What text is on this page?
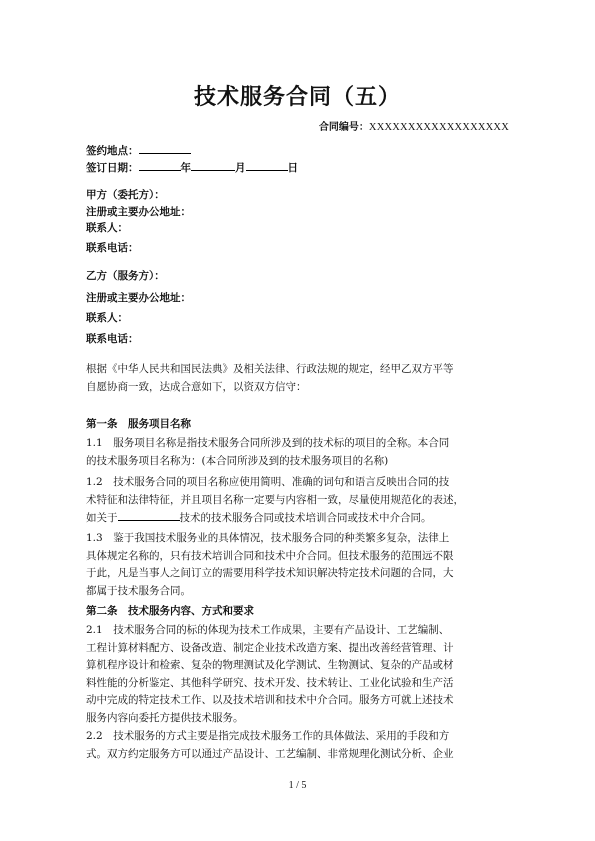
技术服务合同（五）
合同编号：XXXXXXXXXXXXXXXXXX
签约地点：
签订日期：	年	月	日
甲方（委托方）：
注册或主要办公地址：
联系人：
联系电话：
乙方（服务方）：
注册或主要办公地址：
联系人：
联系电话：
根据《中华人民共和国民法典》及相关法律、行政法规的规定，经甲乙双方平等
自愿协商一致，达成合意如下，以资双方信守：
第一条　服务项目名称
1.1　服务项目名称是指技术服务合同所涉及到的技术标的项目的全称。本合同
的技术服务项目名称为：(本合同所涉及到的技术服务项目的名称)
1.2　技术服务合同的项目名称应使用简明、准确的词句和语言反映出合同的技
术特征和法律特征，并且项目名称一定要与内容相一致，尽量使用规范化的表述，
如关于	技术的技术服务合同或技术培训合同或技术中介合同。
1.3　鉴于我国技术服务业的具体情况，技术服务合同的种类繁多复杂，法律上
具体规定名称的，只有技术培训合同和技术中介合同。但技术服务的范围远不限
于此，凡是当事人之间订立的需要用科学技术知识解决特定技术问题的合同，大
都属于技术服务合同。
第二条　技术服务内容、方式和要求
2.1　技术服务合同的标的体现为技术工作成果，主要有产品设计、工艺编制、
工程计算材料配方、设备改造、制定企业技术改造方案、提出改善经营管理、计
算机程序设计和检索、复杂的物理测试及化学测试、生物测试、复杂的产品或材
料性能的分析鉴定、其他科学研究、技术开发、技术转让、工业化试验和生产活
动中完成的特定技术工作、以及技术培训和技术中介合同。服务方可就上述技术
服务内容向委托方提供技术服务。
2.2　技术服务的方式主要是指完成技术服务工作的具体做法、采用的手段和方
式。双方约定服务方可以通过产品设计、工艺编制、非常规理化测试分析、企业
1 / 5
